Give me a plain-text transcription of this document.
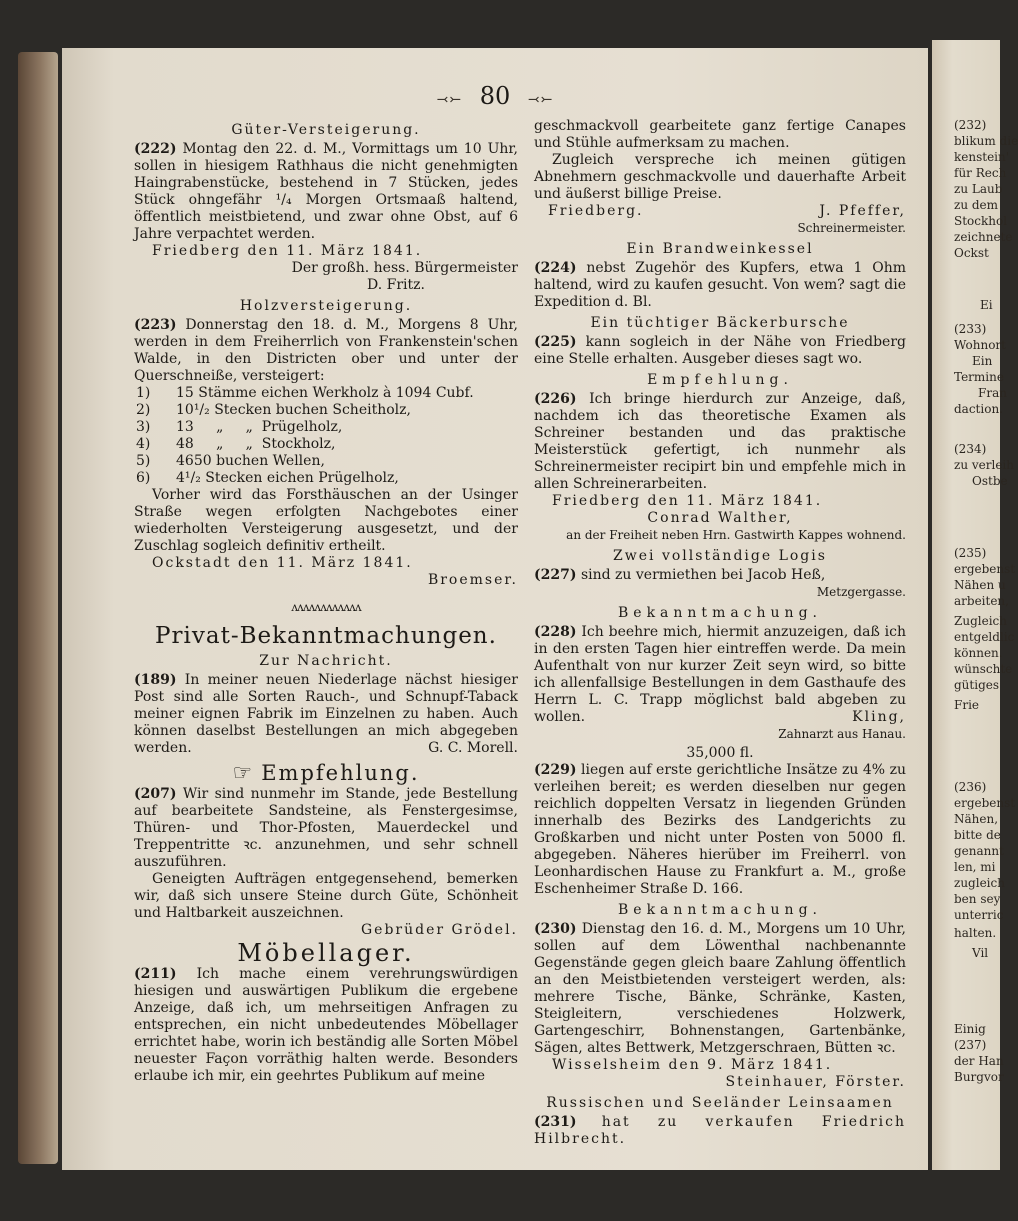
⤙⤚ 80 ⤙⤚
Güter-Versteigerung.

(222) Montag den 22. d. M., Vormittags um 10 Uhr, sollen in hiesigem Rathhaus die nicht genehmigten Haingrabenstücke, bestehend in 7 Stücken, jedes Stück ohngefähr ¹/₄ Morgen Ortsmaaß haltend, öffentlich meistbietend, und zwar ohne Obst, auf 6 Jahre verpachtet werden.

Friedberg den 11. März 1841.

Der großh. hess. Bürgermeister

D. Fritz.

Holzversteigerung.

(223) Donnerstag den 18. d. M., Morgens 8 Uhr, werden in dem Freiherrlich von Frankenstein'schen Walde, in den Districten ober und unter der Querschneiße, versteigert:

1)	15 Stämme eichen Werkholz à 1094 Cubf.
2)	10¹/₂ Stecken buchen Scheitholz,
3)	13     „     „  Prügelholz,
4)	48     „     „  Stockholz,
5)	4650 buchen Wellen,
6)	4¹/₂ Stecken eichen Prügelholz,

Vorher wird das Forsthäuschen an der Usinger Straße wegen erfolgten Nachgebotes einer wiederholten Versteigerung ausgesetzt, und der Zuschlag sogleich definitiv ertheilt.

Ockstadt den 11. März 1841.

Broemser.

ᴧᴧᴧᴧᴧᴧᴧᴧᴧᴧᴧᴧ
Privat-Bekanntmachungen.
Zur Nachricht.

(189) In meiner neuen Niederlage nächst hiesiger Post sind alle Sorten Rauch-, und Schnupf-Taback meiner eignen Fabrik im Einzelnen zu haben. Auch können daselbst Bestellungen an mich abgegeben werden.	G. C. Morell.

☞ Empfehlung.

(207) Wir sind nunmehr im Stande, jede Bestellung auf bearbeitete Sandsteine, als Fenstergesimse, Thüren- und Thor-Pfosten, Mauerdeckel und Treppentritte ꝛc. anzunehmen, und sehr schnell auszuführen.

Geneigten Aufträgen entgegensehend, bemerken wir, daß sich unsere Steine durch Güte, Schönheit und Haltbarkeit auszeichnen.

Gebrüder Grödel.

Möbellager.

(211) Ich mache einem verehrungswürdigen hiesigen und auswärtigen Publikum die ergebene Anzeige, daß ich, um mehrseitigen Anfragen zu entsprechen, ein nicht unbedeutendes Möbellager errichtet habe, worin ich beständig alle Sorten Möbel neuester Façon vorräthig halten werde. Besonders erlaube ich mir, ein geehrtes Publikum auf meine

geschmackvoll gearbeitete ganz fertige Canapes und Stühle aufmerksam zu machen.

Zugleich verspreche ich meinen gütigen Abnehmern geschmackvolle und dauerhafte Arbeit und äußerst billige Preise.

Friedberg.	J. Pfeffer,

Schreinermeister.

Ein Brandweinkessel

(224) nebst Zugehör des Kupfers, etwa 1 Ohm haltend, wird zu kaufen gesucht. Von wem? sagt die Expedition d. Bl.

Ein tüchtiger Bäckerbursche

(225) kann sogleich in der Nähe von Friedberg eine Stelle erhalten. Ausgeber dieses sagt wo.

Empfehlung.

(226) Ich bringe hierdurch zur Anzeige, daß, nachdem ich das theoretische Examen als Schreiner bestanden und das praktische Meisterstück gefertigt, ich nunmehr als Schreinermeister recipirt bin und empfehle mich in allen Schreinerarbeiten.

Friedberg den 11. März 1841.

Conrad Walther,

an der Freiheit neben Hrn. Gastwirth Kappes wohnend.

Zwei vollständige Logis

(227) sind zu vermiethen bei Jacob Heß,

Metzgergasse.

Bekanntmachung.

(228) Ich beehre mich, hiermit anzuzeigen, daß ich in den ersten Tagen hier eintreffen werde. Da mein Aufenthalt von nur kurzer Zeit seyn wird, so bitte ich allenfallsige Bestellungen in dem Gasthaufe des Herrn L. C. Trapp möglichst bald abgeben zu wollen.	Kling,

Zahnarzt aus Hanau.

35,000 fl.

(229) liegen auf erste gerichtliche Insätze zu 4% zu verleihen bereit; es werden dieselben nur gegen reichlich doppelten Versatz in liegenden Gründen innerhalb des Bezirks des Landgerichts zu Großkarben und nicht unter Posten von 5000 fl. abgegeben. Näheres hierüber im Freiherrl. von Leonhardischen Hause zu Frankfurt a. M., große Eschenheimer Straße D. 166.

Bekanntmachung.

(230) Dienstag den 16. d. M., Morgens um 10 Uhr, sollen auf dem Löwenthal nachbenannte Gegenstände gegen gleich baare Zahlung öffentlich an den Meistbietenden versteigert werden, als: mehrere Tische, Bänke, Schränke, Kasten, Steigleitern, verschiedenes Holzwerk, Gartengeschirr, Bohnenstangen, Gartenbänke, Sägen, altes Bettwerk, Metzgerschraen, Bütten ꝛc.

Wisselsheim den 9. März 1841.

Steinhauer, Förster.

Russischen und Seeländer Leinsaamen

(231) hat zu verkaufen Friedrich Hilbrecht.

(232)
blikum die
kenstein'
für Rech
zu Laub
zu dem
Stockhol
zeichnete
Ockst
Ei
(233)
Wohnort
Ein
Termine
Fran
daction.
(234)
zu verleih
Ostbe
(235)
ergebenst
Nähen u
arbeiten,
Zugleich
entgeldlic
können.
wünschte
gütiges
Frie
(236)
ergebenst
Nähen,
bitte de
genannt
len, mi
zugleich
ben sey
unterric
halten.
Vil
Einig
(237)
der Han
Burgvor
